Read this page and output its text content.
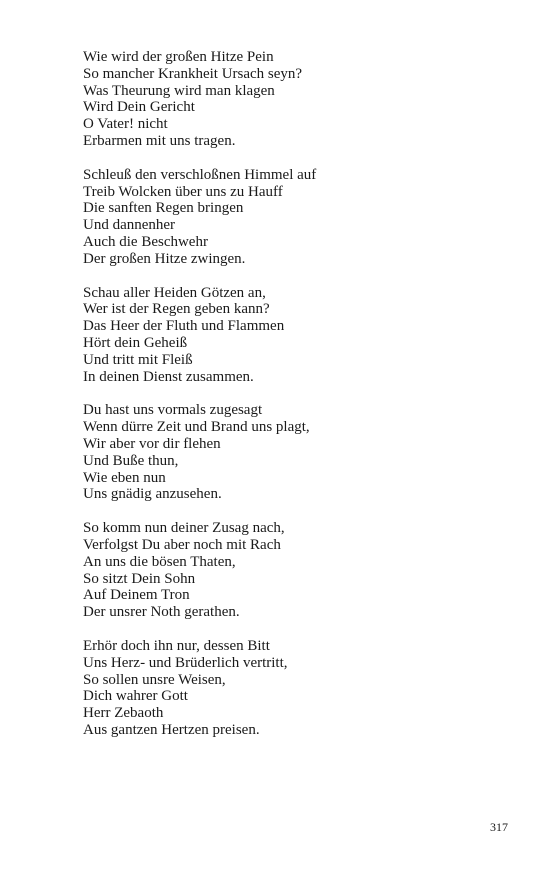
Wie wird der großen Hitze Pein
So mancher Krankheit Ursach seyn?
Was Theurung wird man klagen
Wird Dein Gericht
O Vater! nicht
Erbarmen mit uns tragen.
Schleuß den verschloßnen Himmel auf
Treib Wolcken über uns zu Hauff
Die sanften Regen bringen
Und dannenher
Auch die Beschwehr
Der großen Hitze zwingen.
Schau aller Heiden Götzen an,
Wer ist der Regen geben kann?
Das Heer der Fluth und Flammen
Hört dein Geheiß
Und tritt mit Fleiß
In deinen Dienst zusammen.
Du hast uns vormals zugesagt
Wenn dürre Zeit und Brand uns plagt,
Wir aber vor dir flehen
Und Buße thun,
Wie eben nun
Uns gnädig anzusehen.
So komm nun deiner Zusag nach,
Verfolgst Du aber noch mit Rach
An uns die bösen Thaten,
So sitzt Dein Sohn
Auf Deinem Tron
Der unsrer Noth gerathen.
Erhör doch ihn nur, dessen Bitt
Uns Herz- und Brüderlich vertritt,
So sollen unsre Weisen,
Dich wahrer Gott
Herr Zebaoth
Aus gantzen Hertzen preisen.
317
